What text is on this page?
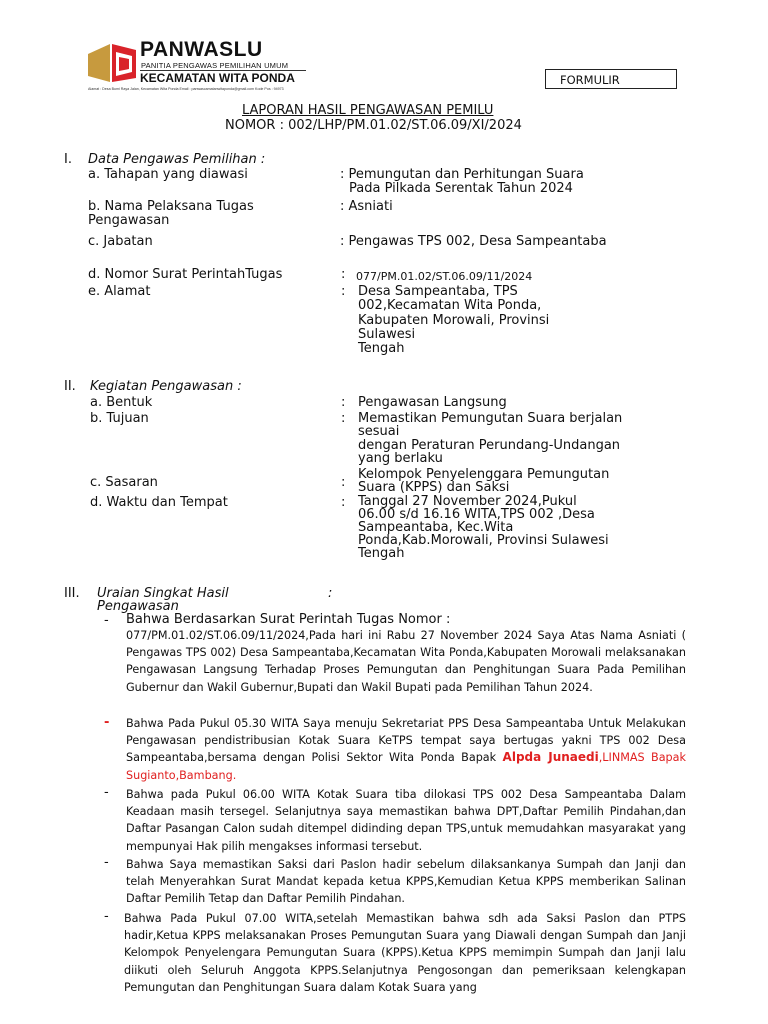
PANWASLU
PANITIA PENGAWAS PEMILIHAN UMUM
KECAMATAN WITA PONDA
Alamat : Desa Bumi Raya Jalan, Kecamatan Wita Ponda Email : panwascamatanwitaponda@gmail.com Kode Pos : 94973
FORMULIR
LAPORAN HASIL PENGAWASAN PEMILU
NOMOR : 002/LHP/PM.01.02/ST.06.09/XI/2024
I. Data Pengawas Pemilihan :
a. Tahapan yang diawasi	: Pemungutan dan Perhitungan Suara
Pada Pilkada Serentak Tahun 2024
b. Nama Pelaksana Tugas
Pengawasan
: Asniati
c. Jabatan	: Pengawas TPS 002, Desa Sampeantaba
d. Nomor Surat PerintahTugas	: 077/PM.01.02/ST.06.09/11/2024
e. Alamat	: Desa Sampeantaba, TPS
002,Kecamatan Wita Ponda,
Kabupaten Morowali, Provinsi
Sulawesi
Tengah
II. Kegiatan Pengawasan :
a. Bentuk	: Pengawasan Langsung
b. Tujuan	: Memastikan Pemungutan Suara berjalan
sesuai
dengan Peraturan Perundang-Undangan
yang berlaku
c. Sasaran	:
Kelompok Penyelenggara Pemungutan
Suara (KPPS) dan Saksi
d. Waktu dan Tempat	: Tanggal 27 November 2024,Pukul
06.00 s/d 16.16 WITA,TPS 002 ,Desa
Sampeantaba, Kec.Wita
Ponda,Kab.Morowali, Provinsi Sulawesi
Tengah
III. Uraian Singkat Hasil
Pengawasan
:
- Bahwa Berdasarkan Surat Perintah Tugas Nomor :
077/PM.01.02/ST.06.09/11/2024,Pada hari ini Rabu 27 November 2024 Saya Atas Nama Asniati ( Pengawas TPS 002) Desa Sampeantaba,Kecamatan Wita Ponda,Kabupaten Morowali melaksanakan Pengawasan Langsung Terhadap Proses Pemungutan dan Penghitungan Suara Pada Pemilihan Gubernur dan Wakil Gubernur,Bupati dan Wakil Bupati pada Pemilihan Tahun 2024.
- Bahwa Pada Pukul 05.30 WITA Saya menuju Sekretariat PPS Desa Sampeantaba Untuk Melakukan Pengawasan pendistribusian Kotak Suara KeTPS tempat saya bertugas yakni TPS 002 Desa Sampeantaba,bersama dengan Polisi Sektor Wita Ponda Bapak Alpda Junaedi,LINMAS Bapak Sugianto,Bambang.
- Bahwa pada Pukul 06.00 WITA Kotak Suara tiba dilokasi TPS 002 Desa Sampeantaba Dalam Keadaan masih tersegel. Selanjutnya saya memastikan bahwa DPT,Daftar Pemilih Pindahan,dan Daftar Pasangan Calon sudah ditempel didinding depan TPS,untuk memudahkan masyarakat yang mempunyai Hak pilih mengakses informasi tersebut.
- Bahwa Saya memastikan Saksi dari Paslon hadir sebelum dilaksankanya Sumpah dan Janji dan telah Menyerahkan Surat Mandat kepada ketua KPPS,Kemudian Ketua KPPS memberikan Salinan Daftar Pemilih Tetap dan Daftar Pemilih Pindahan.
- Bahwa Pada Pukul 07.00 WITA,setelah Memastikan bahwa sdh ada Saksi Paslon dan PTPS hadir,Ketua KPPS melaksanakan Proses Pemungutan Suara yang Diawali dengan Sumpah dan Janji Kelompok Penyelengara Pemungutan Suara (KPPS).Ketua KPPS memimpin Sumpah dan Janji lalu diikuti oleh Seluruh Anggota KPPS.Selanjutnya Pengosongan dan pemeriksaan kelengkapan Pemungutan dan Penghitungan Suara dalam Kotak Suara yang
